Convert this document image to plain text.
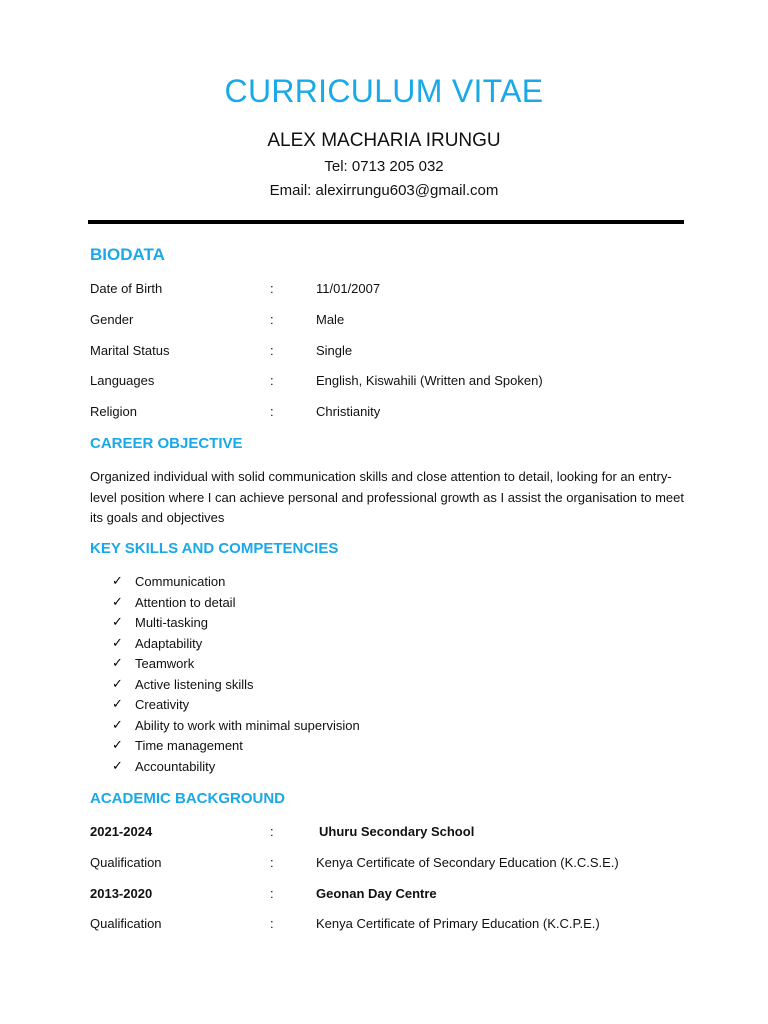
CURRICULUM VITAE
ALEX MACHARIA IRUNGU
Tel: 0713 205 032
Email: alexirrungu603@gmail.com
BIODATA
Date of Birth	:	11/01/2007
Gender	:	Male
Marital Status	:	Single
Languages	:	English, Kiswahili (Written and Spoken)
Religion	:	Christianity
CAREER OBJECTIVE
Organized individual with solid communication skills and close attention to detail, looking for an entry-level position where I can achieve personal and professional growth as I assist the organisation to meet its goals and objectives
KEY SKILLS AND COMPETENCIES
✓ Communication
✓ Attention to detail
✓ Multi-tasking
✓ Adaptability
✓ Teamwork
✓ Active listening skills
✓ Creativity
✓ Ability to work with minimal supervision
✓ Time management
✓ Accountability
ACADEMIC BACKGROUND
2021-2024	:	Uhuru Secondary School
Qualification	:	Kenya Certificate of Secondary Education (K.C.S.E.)
2013-2020	:	Geonan Day Centre
Qualification	:	Kenya Certificate of Primary Education (K.C.P.E.)
